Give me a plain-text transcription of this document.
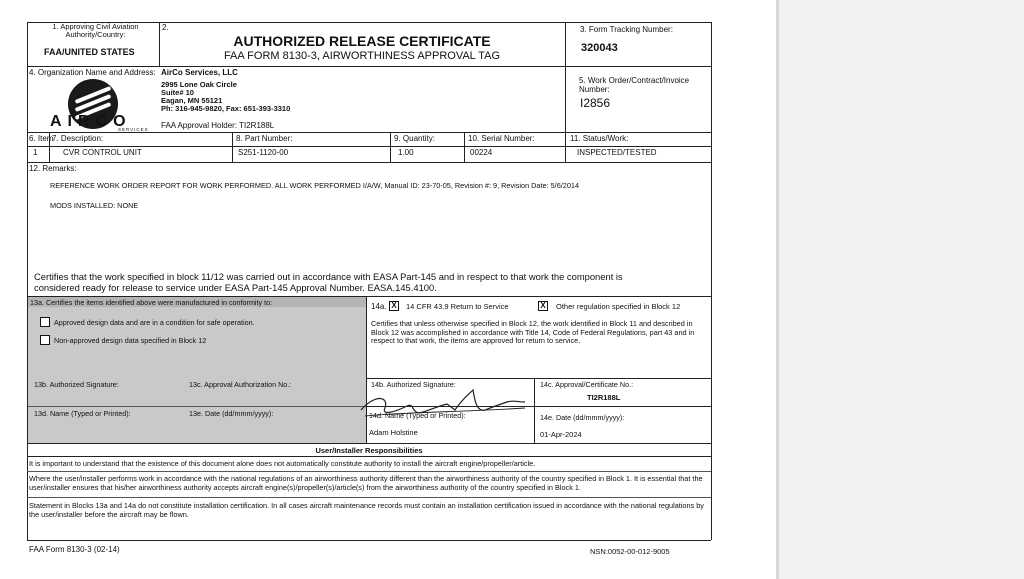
1. Approving Civil Aviation Authority/Country:
FAA/UNITED STATES
2.
AUTHORIZED RELEASE CERTIFICATE
FAA FORM 8130-3, AIRWORTHINESS APPROVAL TAG
3. Form Tracking Number:
320043
4. Organization Name and Address:
AIRCO
SERVICES
AirCo Services, LLC
2995 Lone Oak Circle
Suite# 10
Eagan, MN 55121
Ph: 316-945-9820, Fax: 651-393-3310
FAA Approval Holder: TI2R188L
5. Work Order/Contract/Invoice Number:
I2856
6. Item
7. Description:	8. Part Number:	9. Quantity:	10. Serial Number:	11. Status/Work:
1	CVR CONTROL UNIT	S251-1120-00	1.00	00224	INSPECTED/TESTED
12. Remarks:
REFERENCE WORK ORDER REPORT FOR WORK PERFORMED. ALL WORK PERFORMED I/A/W, Manual ID: 23-70-05, Revision #: 9, Revision Date: 5/6/2014
MODS INSTALLED: NONE
Certifies that the work specified in block 11/12 was carried out in accordance with EASA Part-145 and in respect to that work the component is
considered ready for release to service under EASA Part-145 Approval Number. EASA.145.4100.
13a. Certifies the items identified above were manufactured in conformity to:
Approved design data and are in a condition for safe operation.
Non-approved design data specified in Block 12
13b. Authorized Signature:	13c. Approval Authorization No.:
13d. Name (Typed or Printed):	13e. Date (dd/mmm/yyyy):
14a. X	14 CFR 43.9 Return to Service	X	Other regulation specified in Block 12
Certifies that unless otherwise specified in Block 12, the work identified in Block 11 and described in Block 12 was accomplished in accordance with Title 14, Code of Federal Regulations, part 43 and in respect to that work, the items are approved for return to service.
14b. Authorized Signature:	14c. Approval/Certificate No.:
TI2R188L
14d. Name (Typed or Printed):
Adam Holstine
14e. Date (dd/mmm/yyyy):
01-Apr-2024
User/Installer Responsibilities
It is important to understand that the existence of this document alone does not automatically constitute authority to install the aircraft engine/propeller/article.
Where the user/installer performs work in accordance with the national regulations of an airworthiness authority different than the airworthiness authority of the country specified in Block 1. It is essential that the user/installer ensures that his/her airworthiness authority accepts aircraft engine(s)/propeller(s)/article(s) from the airworthiness authority of the country specified in Block 1.
Statement in Blocks 13a and 14a do not constitute installation certification. In all cases aircraft maintenance records must contain an installation certification issued in accordance with the national regulations by the user/installer before the aircraft may be flown.
FAA Form 8130-3 (02-14)	NSN:0052-00-012-9005
